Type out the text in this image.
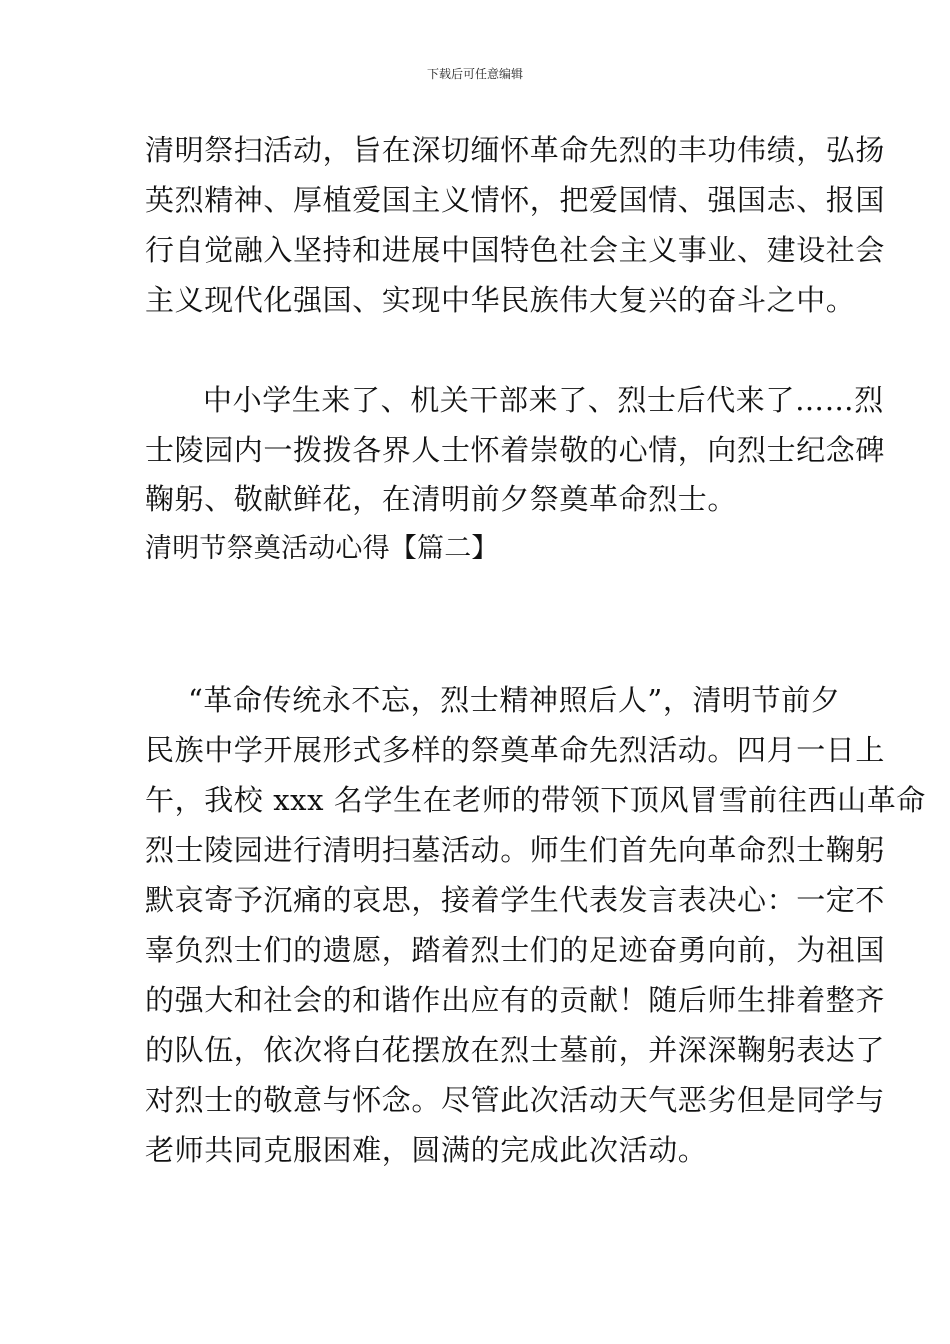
下载后可任意编辑
清明祭扫活动，旨在深切缅怀革命先烈的丰功伟绩，弘扬
英烈精神、厚植爱国主义情怀，把爱国情、强国志、报国
行自觉融入坚持和进展中国特色社会主义事业、建设社会
主义现代化强国、实现中华民族伟大复兴的奋斗之中。
中小学生来了、机关干部来了、烈士后代来了……烈
士陵园内一拨拨各界人士怀着崇敬的心情，向烈士纪念碑
鞠躬、敬献鲜花，在清明前夕祭奠革命烈士。
清明节祭奠活动心得【篇二】
“革命传统永不忘，烈士精神照后人”，清明节前夕
民族中学开展形式多样的祭奠革命先烈活动。四月一日上
午，我校 xxx 名学生在老师的带领下顶风冒雪前往西山革命
烈士陵园进行清明扫墓活动。师生们首先向革命烈士鞠躬
默哀寄予沉痛的哀思，接着学生代表发言表决心：一定不
辜负烈士们的遗愿，踏着烈士们的足迹奋勇向前，为祖国
的强大和社会的和谐作出应有的贡献！随后师生排着整齐
的队伍，依次将白花摆放在烈士墓前，并深深鞠躬表达了
对烈士的敬意与怀念。尽管此次活动天气恶劣但是同学与
老师共同克服困难，圆满的完成此次活动。
